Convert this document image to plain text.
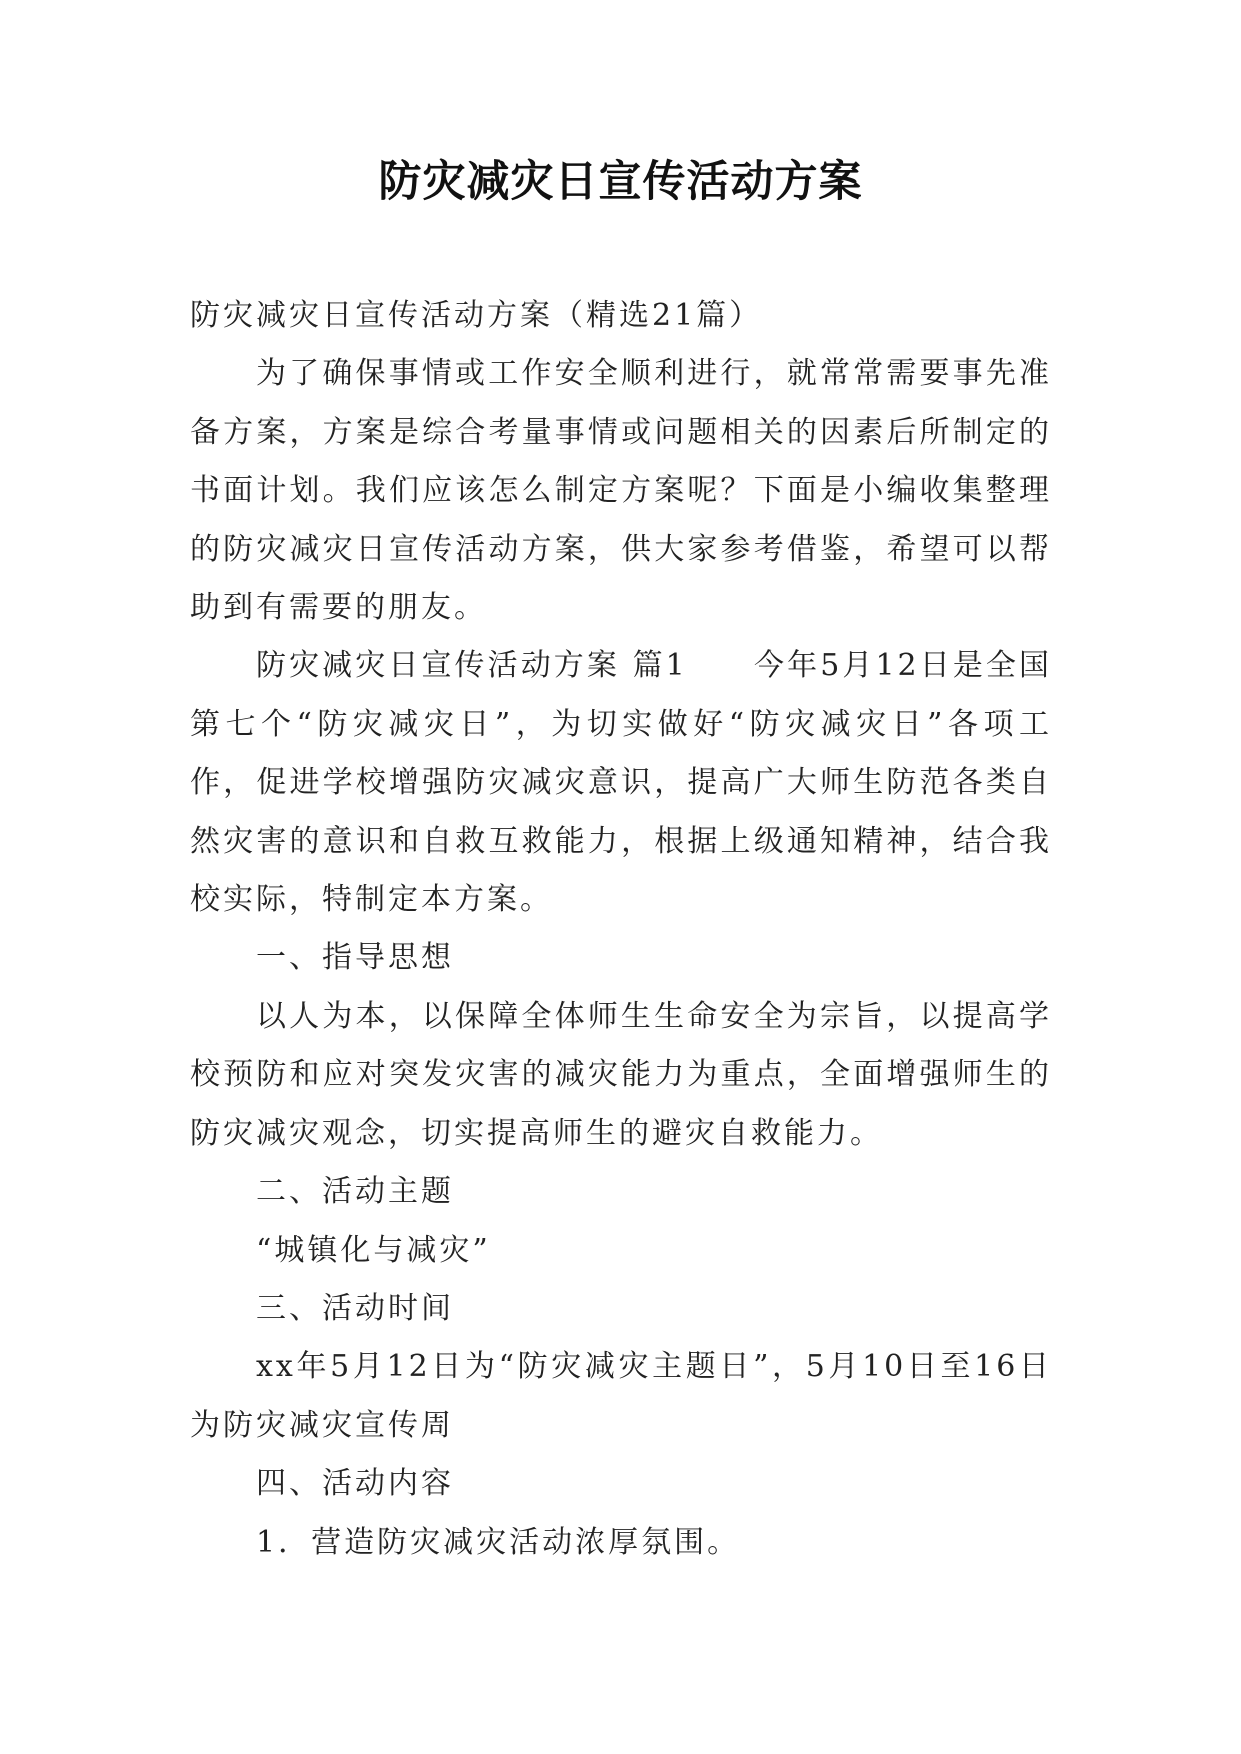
防灾减灾日宣传活动方案

防灾减灾日宣传活动方案（精选21篇）

为了确保事情或工作安全顺利进行，就常常需要事先准备方案，方案是综合考量事情或问题相关的因素后所制定的书面计划。我们应该怎么制定方案呢？下面是小编收集整理的防灾减灾日宣传活动方案，供大家参考借鉴，希望可以帮助到有需要的朋友。

防灾减灾日宣传活动方案 篇1　　今年5月12日是全国第七个“防灾减灾日”，为切实做好“防灾减灾日”各项工作，促进学校增强防灾减灾意识，提高广大师生防范各类自然灾害的意识和自救互救能力，根据上级通知精神，结合我校实际，特制定本方案。

一、指导思想

以人为本，以保障全体师生生命安全为宗旨，以提高学校预防和应对突发灾害的减灾能力为重点，全面增强师生的防灾减灾观念，切实提高师生的避灾自救能力。

二、活动主题

“城镇化与减灾”

三、活动时间

xx年5月12日为“防灾减灾主题日”，5月10日至16日为防灾减灾宣传周

四、活动内容

1．营造防灾减灾活动浓厚氛围。
